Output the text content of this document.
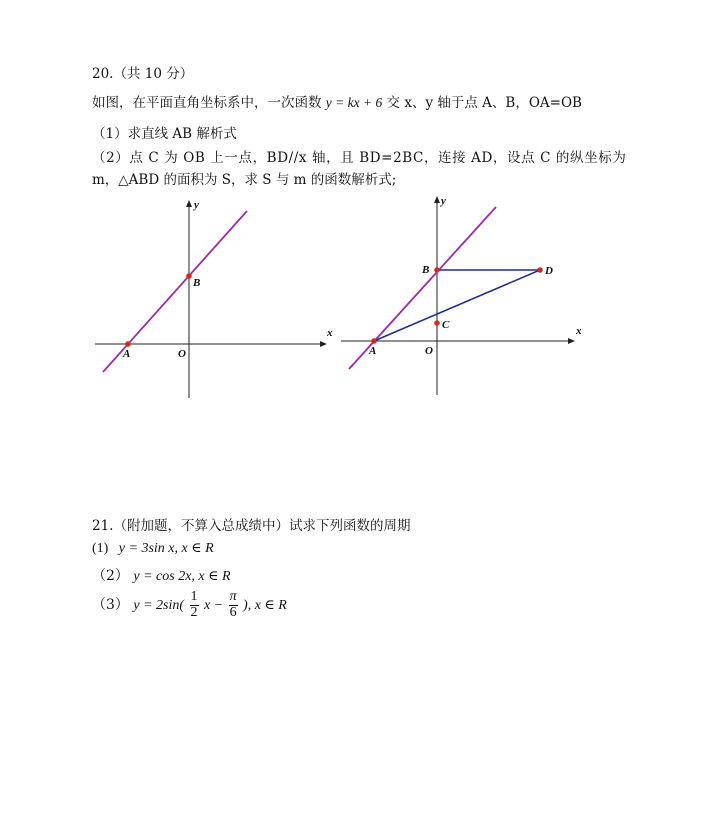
20.（共 10 分）
如图，在平面直角坐标系中，一次函数 y = kx + 6 交 x、y 轴于点 A、B，OA=OB
（1）求直线 AB 解析式
（2）点 C 为 OB 上一点，BD//x 轴，且 BD=2BC，连接 AD，设点 C 的纵坐标为
m，△ABD 的面积为 S，求 S 与 m 的函数解析式;
y
x
B
A	O
y
x
B	D
C
A	O
21.（附加题，不算入总成绩中）试求下列函数的周期
(1) y = 3sin x, x ∈ R
（2） y = cos 2x, x ∈ R
（3） $y = 2\sin( \frac{1}{2}$ $x - \frac{\pi}{6}$ ), x ∈ R
